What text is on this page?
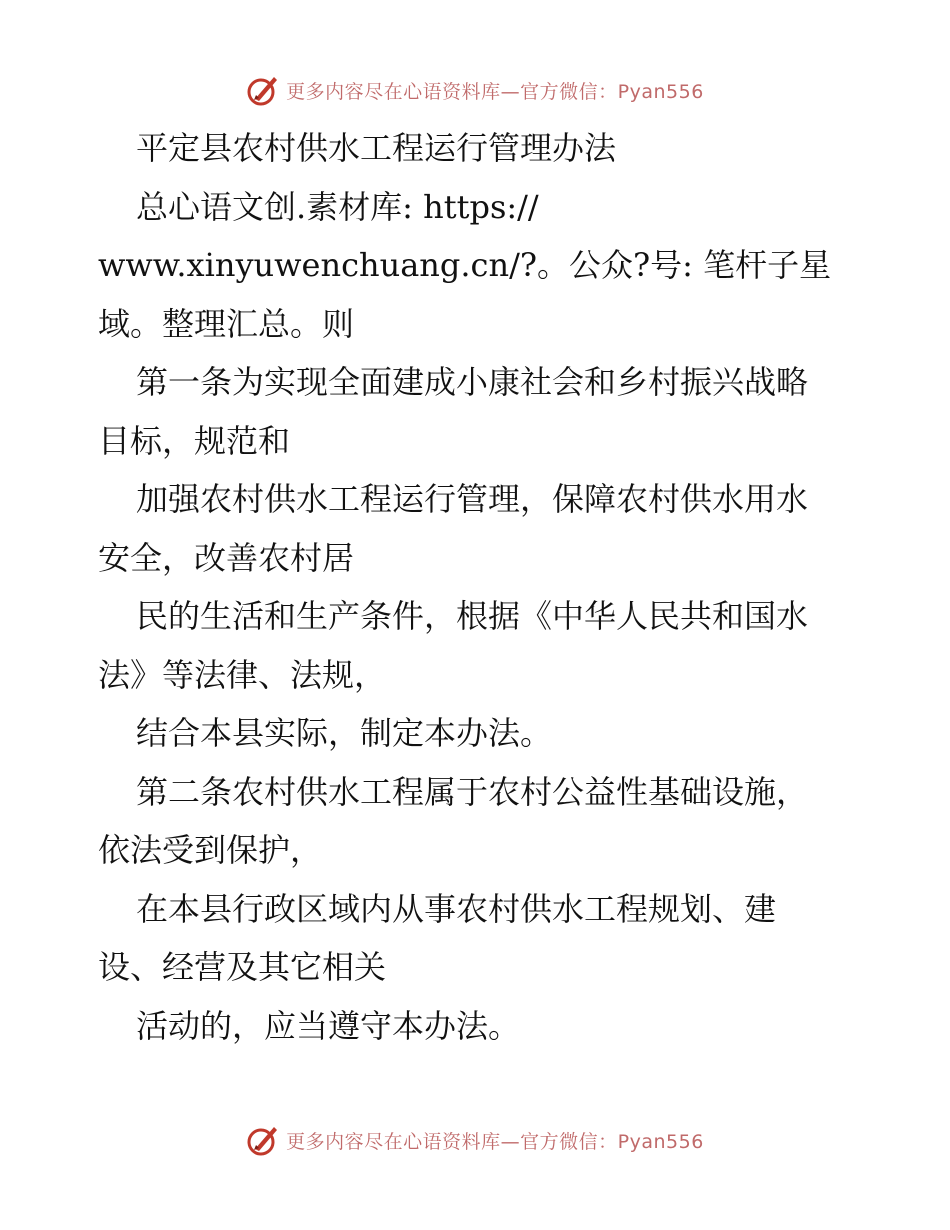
更多内容尽在心语资料库—官方微信：Pyan556
平定县农村供水工程运行管理办法
总心语文创.素材库: https://
www.xinyuwenchuang.cn/?。公众?号: 笔杆子星
域。整理汇总。则
第一条为实现全面建成小康社会和乡村振兴战略
目标，规范和
加强农村供水工程运行管理，保障农村供水用水
安全，改善农村居
民的生活和生产条件，根据《中华人民共和国水
法》等法律、法规，
结合本县实际，制定本办法。
第二条农村供水工程属于农村公益性基础设施，
依法受到保护，
在本县行政区域内从事农村供水工程规划、建
设、经营及其它相关
活动的，应当遵守本办法。
更多内容尽在心语资料库—官方微信：Pyan556
